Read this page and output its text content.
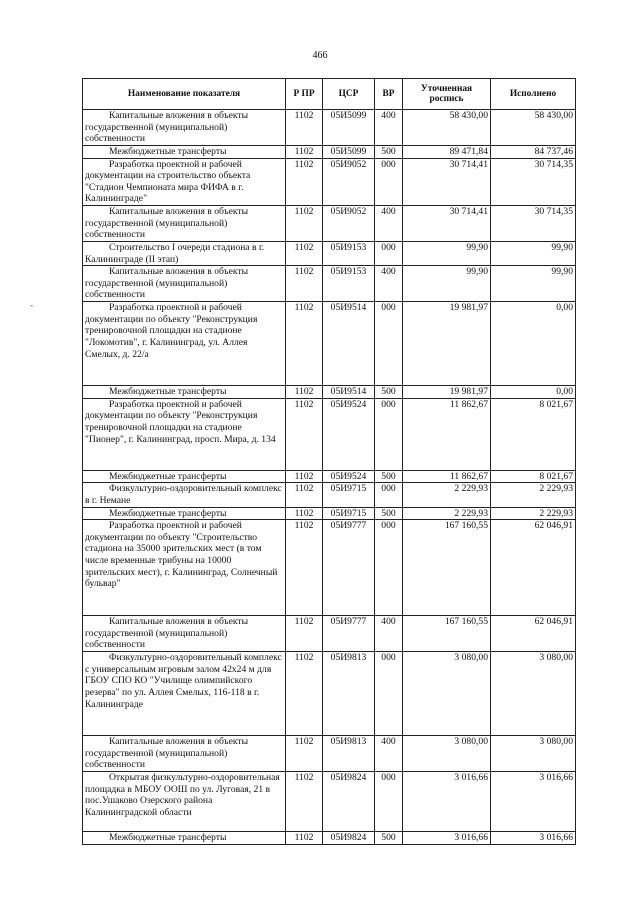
466
-
Наименование показателя	Р ПР	ЦСР	ВР	Уточненная роспись	Исполнено
Капитальные вложения в объекты государственной (муниципальной) собственности	1102	05И5099	400	58 430,00	58 430,00
Межбюджетные трансферты	1102	05И5099	500	89 471,84	84 737,46
Разработка проектной и рабочей документации на строительство объекта "Стадион Чемпионата мира ФИФА в г. Калининграде"	1102	05И9052	000	30 714,41	30 714,35
Капитальные вложения в объекты государственной (муниципальной) собственности	1102	05И9052	400	30 714,41	30 714,35
Строительство I очереди стадиона в г. Калининграде (II этап)	1102	05И9153	000	99,90	99,90
Капитальные вложения в объекты государственной (муниципальной) собственности	1102	05И9153	400	99,90	99,90
Разработка проектной и рабочей документации по объекту "Реконструкция тренировочной площадки на стадионе "Локомотив", г. Калининград, ул. Аллея Смелых, д. 22/а	1102	05И9514	000	19 981,97	0,00
Межбюджетные трансферты	1102	05И9514	500	19 981,97	0,00
Разработка проектной и рабочей документации по объекту "Реконструкция тренировочной площадки на стадионе "Пионер", г. Калининград, просп. Мира, д. 134	1102	05И9524	000	11 862,67	8 021,67
Межбюджетные трансферты	1102	05И9524	500	11 862,67	8 021,67
Физкультурно-оздоровительный комплекс в г. Немане	1102	05И9715	000	2 229,93	2 229,93
Межбюджетные трансферты	1102	05И9715	500	2 229,93	2 229,93
Разработка проектной и рабочей документации по объекту "Строительство стадиона на 35000 зрительских мест (в том числе временные трибуны на 10000 зрительских мест), г. Калининград, Солнечный бульвар"	1102	05И9777	000	167 160,55	62 046,91
Капитальные вложения в объекты государственной (муниципальной) собственности	1102	05И9777	400	167 160,55	62 046,91
Физкультурно-оздоровительный комплекс с универсальным игровым залом 42х24 м для ГБОУ СПО КО "Училище олимпийского резерва" по ул. Аллея Смелых, 116-118 в г. Калининграде	1102	05И9813	000	3 080,00	3 080,00
Капитальные вложения в объекты государственной (муниципальной) собственности	1102	05И9813	400	3 080,00	3 080,00
Открытая физкультурно-оздоровительная площадка в МБОУ ООШ по ул. Луговая, 21 в пос.Ушаково Озерского района Калининградской области	1102	05И9824	000	3 016,66	3 016,66
Межбюджетные трансферты	1102	05И9824	500	3 016,66	3 016,66
